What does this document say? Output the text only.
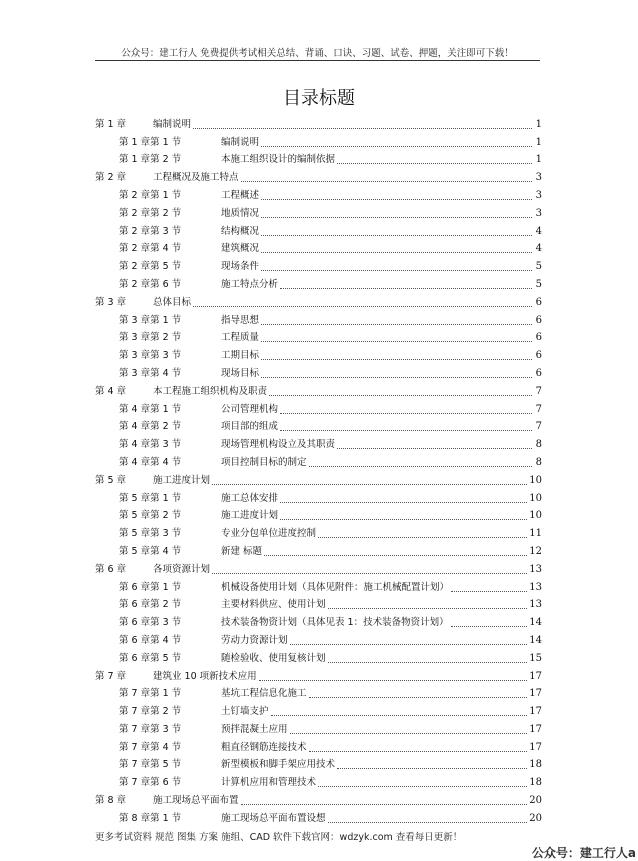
公众号：建工行人 免费提供考试相关总结、背诵、口诀、习题、试卷、押题，关注即可下载！
目录标题
第 1 章	编制说明	1
第 1 章第 1 节	编制说明	1
第 1 章第 2 节	本施工组织设计的编制依据	1
第 2 章	工程概况及施工特点	3
第 2 章第 1 节	工程概述	3
第 2 章第 2 节	地质情况	3
第 2 章第 3 节	结构概况	4
第 2 章第 4 节	建筑概况	4
第 2 章第 5 节	现场条件	5
第 2 章第 6 节	施工特点分析	5
第 3 章	总体目标	6
第 3 章第 1 节	指导思想	6
第 3 章第 2 节	工程质量	6
第 3 章第 3 节	工期目标	6
第 3 章第 4 节	现场目标	6
第 4 章	本工程施工组织机构及职责	7
第 4 章第 1 节	公司管理机构	7
第 4 章第 2 节	项目部的组成	7
第 4 章第 3 节	现场管理机构设立及其职责	8
第 4 章第 4 节	项目控制目标的制定	8
第 5 章	施工进度计划	10
第 5 章第 1 节	施工总体安排	10
第 5 章第 2 节	施工进度计划	10
第 5 章第 3 节	专业分包单位进度控制	11
第 5 章第 4 节	新建 标题	12
第 6 章	各项资源计划	13
第 6 章第 1 节	机械设备使用计划（具体见附件：施工机械配置计划）	13
第 6 章第 2 节	主要材料供应、使用计划	13
第 6 章第 3 节	技术装备物资计划（具体见表 1：技术装备物资计划）	14
第 6 章第 4 节	劳动力资源计划	14
第 6 章第 5 节	随检验收、使用复核计划	15
第 7 章	建筑业 10 项新技术应用	17
第 7 章第 1 节	基坑工程信息化施工	17
第 7 章第 2 节	土钉墙支护	17
第 7 章第 3 节	预拌混凝土应用	17
第 7 章第 4 节	粗直径钢筋连接技术	17
第 7 章第 5 节	新型模板和脚手架应用技术	18
第 7 章第 6 节	计算机应用和管理技术	18
第 8 章	施工现场总平面布置	20
第 8 章第 1 节	施工现场总平面布置设想	20
更多考试资料 规范 图集 方案 施组、CAD 软件下载官网：wdzyk.com 查看每日更新！
公众号：建工行人a
